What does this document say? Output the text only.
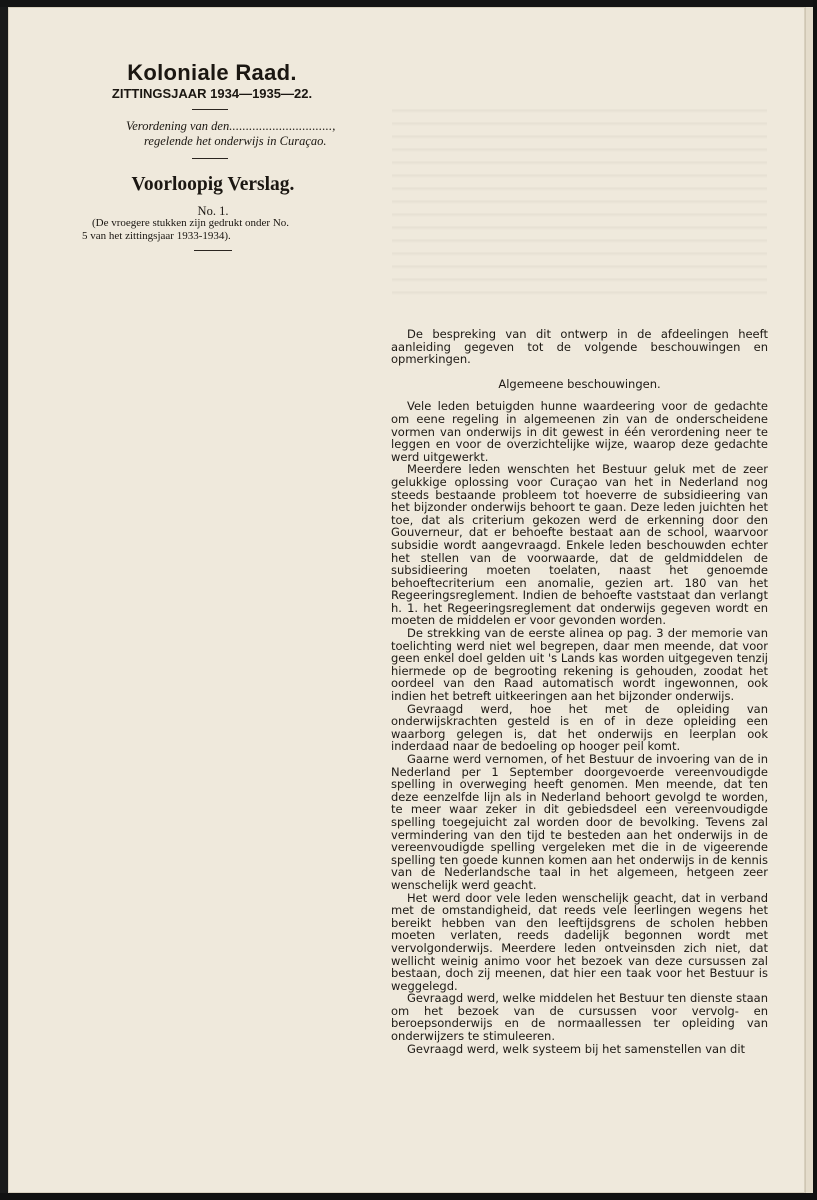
Koloniale Raad.
ZITTINGSJAAR 1934—1935—22.
Verordening van den...............................,
regelende het onderwijs in Curaçao.
Voorloopig Verslag.
No. 1.
(De vroegere stukken zijn gedrukt onder No.
5 van het zittingsjaar 1933-1934).

De bespreking van dit ontwerp in de afdeelingen heeft aanleiding gegeven tot de volgende beschouwingen en opmerkingen.

Algemeene beschouwingen.

Vele leden betuigden hunne waardeering voor de gedachte om eene regeling in algemeenen zin van de onderscheidene vormen van onderwijs in dit gewest in één verordening neer te leggen en voor de overzichtelijke wijze, waarop deze gedachte werd uitgewerkt.

Meerdere leden wenschten het Bestuur geluk met de zeer gelukkige oplossing voor Curaçao van het in Nederland nog steeds bestaande probleem tot hoeverre de subsidieering van het bijzonder onderwijs behoort te gaan. Deze leden juichten het toe, dat als criterium gekozen werd de erkenning door den Gouverneur, dat er behoefte bestaat aan de school, waarvoor subsidie wordt aangevraagd. Enkele leden beschouwden echter het stellen van de voorwaarde, dat de geldmiddelen de subsidieering moeten toelaten, naast het genoemde behoeftecriterium een anomalie, gezien art. 180 van het Regeeringsreglement. Indien de behoefte vaststaat dan verlangt h. 1. het Regeeringsreglement dat onderwijs gegeven wordt en moeten de middelen er voor gevonden worden.

De strekking van de eerste alinea op pag. 3 der memorie van toelichting werd niet wel begrepen, daar men meende, dat voor geen enkel doel gelden uit 's Lands kas worden uitgegeven tenzij hiermede op de begrooting rekening is gehouden, zoodat het oordeel van den Raad automatisch wordt ingewonnen, ook indien het betreft uitkeeringen aan het bijzonder onderwijs.

Gevraagd werd, hoe het met de opleiding van onderwijskrachten gesteld is en of in deze opleiding een waarborg gelegen is, dat het onderwijs en leerplan ook inderdaad naar de bedoeling op hooger peil komt.

Gaarne werd vernomen, of het Bestuur de invoering van de in Nederland per 1 September doorgevoerde vereenvoudigde spelling in overweging heeft genomen. Men meende, dat ten deze eenzelfde lijn als in Nederland behoort gevolgd te worden, te meer waar zeker in dit gebiedsdeel een vereenvoudigde spelling toegejuicht zal worden door de bevolking. Tevens zal vermindering van den tijd te besteden aan het onderwijs in de vereenvoudigde spelling vergeleken met die in de vigeerende spelling ten goede kunnen komen aan het onderwijs in de kennis van de Nederlandsche taal in het algemeen, hetgeen zeer wenschelijk werd geacht.

Het werd door vele leden wenschelijk geacht, dat in verband met de omstandigheid, dat reeds vele leerlingen wegens het bereikt hebben van den leeftijdsgrens de scholen hebben moeten verlaten, reeds dadelijk begonnen wordt met vervolgonderwijs. Meerdere leden ontveinsden zich niet, dat wellicht weinig animo voor het bezoek van deze cursussen zal bestaan, doch zij meenen, dat hier een taak voor het Bestuur is weggelegd.

Gevraagd werd, welke middelen het Bestuur ten dienste staan om het bezoek van de cursussen voor vervolg- en beroepsonderwijs en de normaallessen ter opleiding van onderwijzers te stimuleeren.

Gevraagd werd, welk systeem bij het samenstellen van dit
